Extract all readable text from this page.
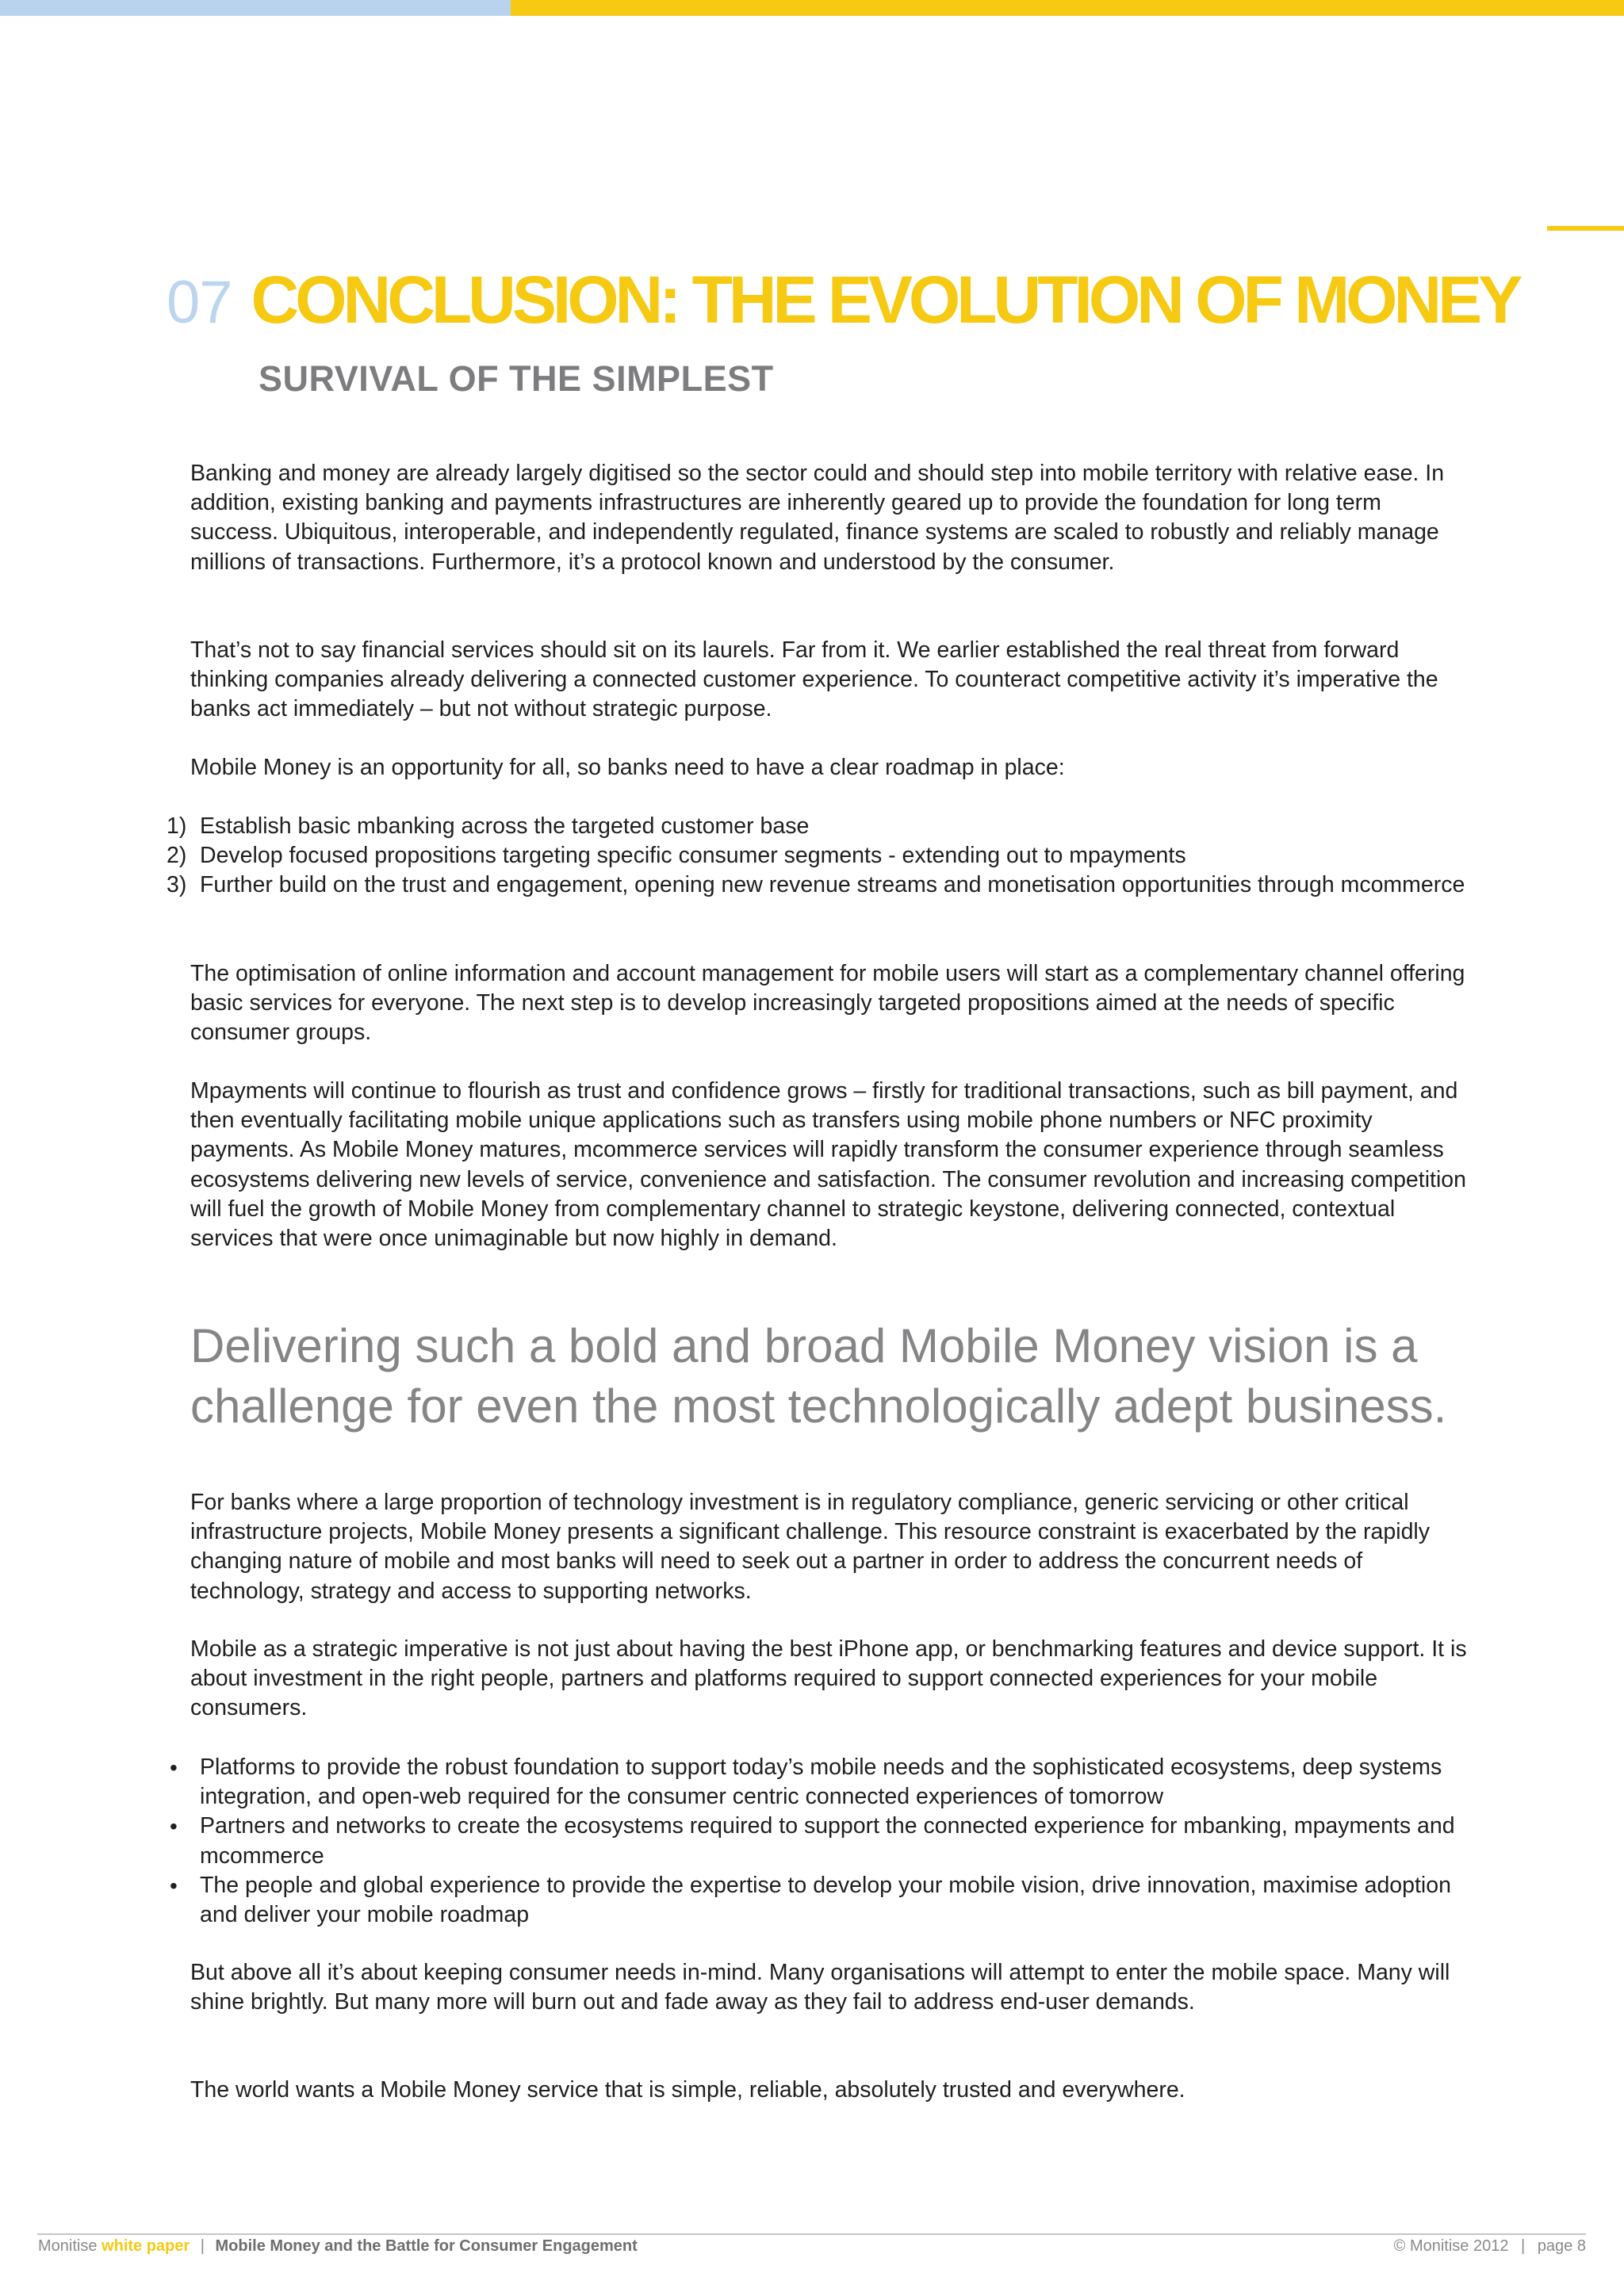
07 CONCLUSION: THE EVOLUTION OF MONEY
SURVIVAL OF THE SIMPLEST

Banking and money are already largely digitised so the sector could and should step into mobile territory with relative ease. In addition, existing banking and payments infrastructures are inherently geared up to provide the foundation for long term success. Ubiquitous, interoperable, and independently regulated, finance systems are scaled to robustly and reliably manage millions of transactions. Furthermore, it’s a protocol known and understood by the consumer.

That’s not to say financial services should sit on its laurels. Far from it. We earlier established the real threat from forward thinking companies already delivering a connected customer experience. To counteract competitive activity it’s imperative the banks act immediately – but not without strategic purpose.

Mobile Money is an opportunity for all, so banks need to have a clear roadmap in place:

1) Establish basic mbanking across the targeted customer base
2) Develop focused propositions targeting specific consumer segments - extending out to mpayments
3) Further build on the trust and engagement, opening new revenue streams and monetisation opportunities through mcommerce

The optimisation of online information and account management for mobile users will start as a complementary channel offering basic services for everyone. The next step is to develop increasingly targeted propositions aimed at the needs of specific consumer groups.

Mpayments will continue to flourish as trust and confidence grows – firstly for traditional transactions, such as bill payment, and then eventually facilitating mobile unique applications such as transfers using mobile phone numbers or NFC proximity payments. As Mobile Money matures, mcommerce services will rapidly transform the consumer experience through seamless ecosystems delivering new levels of service, convenience and satisfaction. The consumer revolution and increasing competition will fuel the growth of Mobile Money from complementary channel to strategic keystone, delivering connected, contextual services that were once unimaginable but now highly in demand.

Delivering such a bold and broad Mobile Money vision is a challenge for even the most technologically adept business.

For banks where a large proportion of technology investment is in regulatory compliance, generic servicing or other critical infrastructure projects, Mobile Money presents a significant challenge. This resource constraint is exacerbated by the rapidly changing nature of mobile and most banks will need to seek out a partner in order to address the concurrent needs of technology, strategy and access to supporting networks.

Mobile as a strategic imperative is not just about having the best iPhone app, or benchmarking features and device support. It is about investment in the right people, partners and platforms required to support connected experiences for your mobile consumers.

• Platforms to provide the robust foundation to support today’s mobile needs and the sophisticated ecosystems, deep systems integration, and open-web required for the consumer centric connected experiences of tomorrow
• Partners and networks to create the ecosystems required to support the connected experience for mbanking, mpayments and mcommerce
• The people and global experience to provide the expertise to develop your mobile vision, drive innovation, maximise adoption and deliver your mobile roadmap

But above all it’s about keeping consumer needs in-mind. Many organisations will attempt to enter the mobile space. Many will shine brightly. But many more will burn out and fade away as they fail to address end-user demands.

The world wants a Mobile Money service that is simple, reliable, absolutely trusted and everywhere.

Monitise white paper | Mobile Money and the Battle for Consumer Engagement	© Monitise 2012 | page 8
